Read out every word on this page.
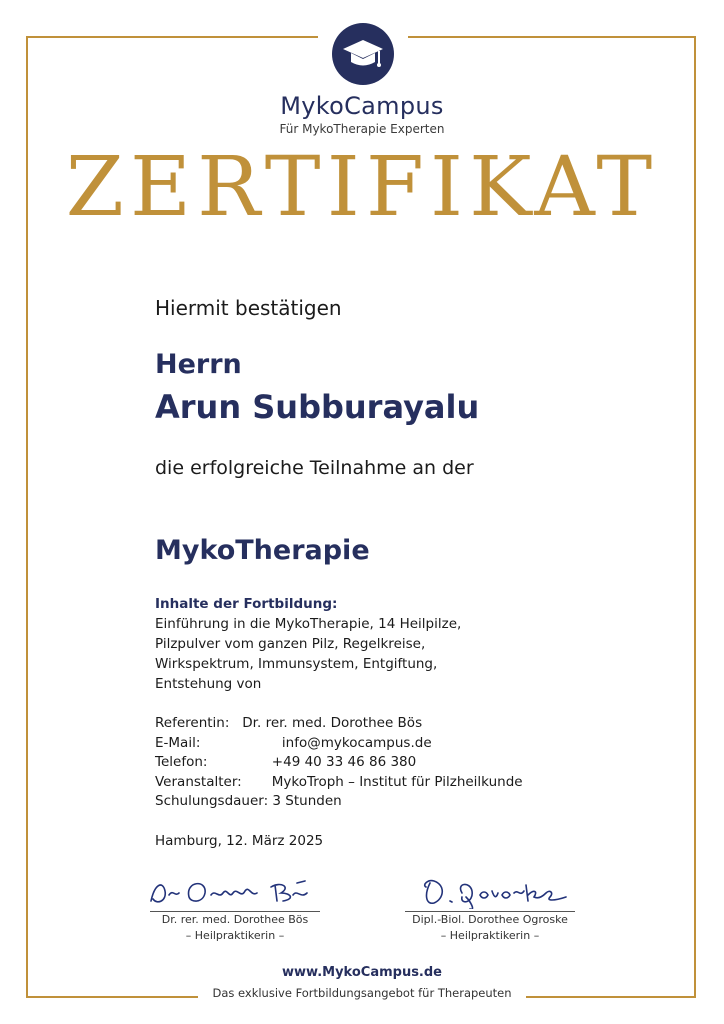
MykoCampus
Für MykoTherapie Experten
ZERTIFIKAT
Hiermit bestätigen
Herrn
Arun Subburayalu
die erfolgreiche Teilnahme an der
MykoTherapie
Inhalte der Fortbildung:
Einführung in die MykoTherapie, 14 Heilpilze, Pilzpulver vom ganzen Pilz, Regelkreise, Wirkspektrum, Immunsystem, Entgiftung, Entstehung von
Referentin:   Dr. rer. med. Dorothee Bös
E-Mail:                   info@mykocampus.de
Telefon:               +49 40 33 46 86 380
Veranstalter:       MykoTroph – Institut für Pilzheilkunde
Schulungsdauer: 3 Stunden
Hamburg, 12. März 2025
Dr. rer. med. Dorothee Bös
– Heilpraktikerin –
Dipl.-Biol. Dorothee Ogroske
– Heilpraktikerin –
www.MykoCampus.de
Das exklusive Fortbildungsangebot für Therapeuten
